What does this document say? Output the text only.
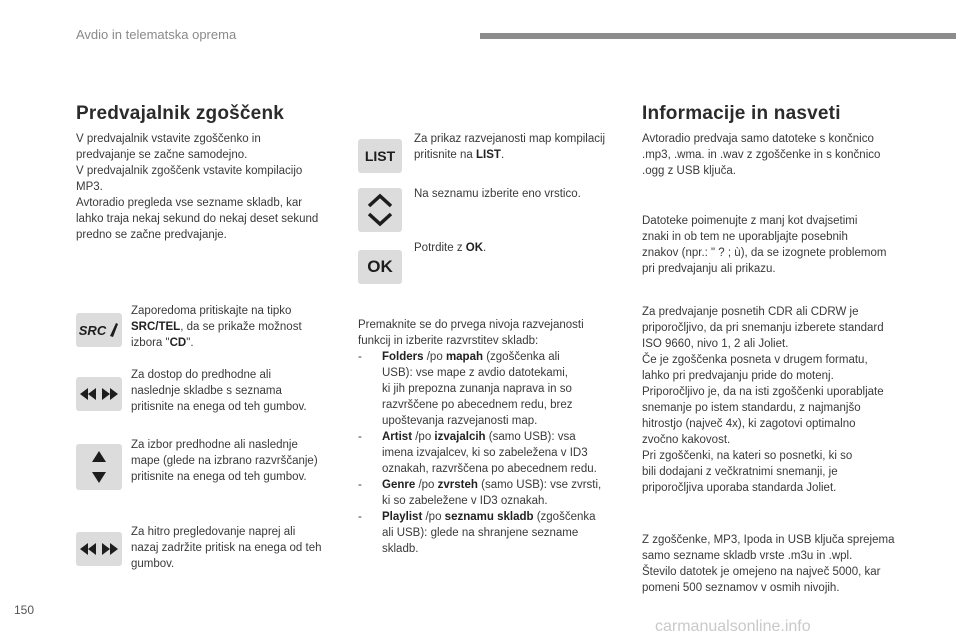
Avdio in telematska oprema
Predvajalnik zgoščenk

V predvajalnik vstavite zgoščenko in
predvajanje se začne samodejno.
V predvajalnik zgoščenk vstavite kompilacijo
MP3.
Avtoradio pregleda vse sezname skladb, kar
lahko traja nekaj sekund do nekaj deset sekund
predno se začne predvajanje.

SRC
Zaporedoma pritiskajte na tipko
SRC/TEL, da se prikaže možnost
izbora "CD".

Za dostop do predhodne ali
naslednje skladbe s seznama
pritisnite na enega od teh gumbov.

Za izbor predhodne ali naslednje
mape (glede na izbrano razvrščanje)
pritisnite na enega od teh gumbov.

Za hitro pregledovanje naprej ali
nazaj zadržite pritisk na enega od teh
gumbov.

LIST
Za prikaz razvejanosti map kompilacij
pritisnite na LIST.
Na seznamu izberite eno vrstico.
OK
Potrdite z OK.

Premaknite se do prvega nivoja razvejanosti
funkcij in izberite razvrstitev skladb:

- Folders /po mapah (zgoščenka ali
USB): vse mape z avdio datotekami,
ki jih prepozna zunanja naprava in so
razvrščene po abecednem redu, brez
upoštevanja razvejanosti map.
- Artist /po izvajalcih (samo USB): vsa
imena izvajalcev, ki so zabeležena v ID3
oznakah, razvrščena po abecednem redu.
- Genre /po zvrsteh (samo USB): vse zvrsti,
ki so zabeležene v ID3 oznakah.
- Playlist /po seznamu skladb (zgoščenka
ali USB): glede na shranjene sezname
skladb.
Informacije in nasveti

Avtoradio predvaja samo datoteke s končnico
.mp3, .wma. in .wav z zgoščenke in s končnico
.ogg z USB ključa.

Datoteke poimenujte z manj kot dvajsetimi
znaki in ob tem ne uporabljajte posebnih
znakov (npr.: " ? ; ù), da se izognete problemom
pri predvajanju ali prikazu.

Za predvajanje posnetih CDR ali CDRW je
priporočljivo, da pri snemanju izberete standard
ISO 9660, nivo 1, 2 ali Joliet.
Če je zgoščenka posneta v drugem formatu,
lahko pri predvajanju pride do motenj.
Priporočljivo je, da na isti zgoščenki uporabljate
snemanje po istem standardu, z najmanjšo
hitrostjo (največ 4x), ki zagotovi optimalno
zvočno kakovost.
Pri zgoščenki, na kateri so posnetki, ki so
bili dodajani z večkratnimi snemanji, je
priporočljiva uporaba standarda Joliet.

Z zgoščenke, MP3, Ipoda in USB ključa sprejema
samo sezname skladb vrste .m3u in .wpl.
Število datotek je omejeno na največ 5000, kar
pomeni 500 seznamov v osmih nivojih.

150
carmanualsonline.info
